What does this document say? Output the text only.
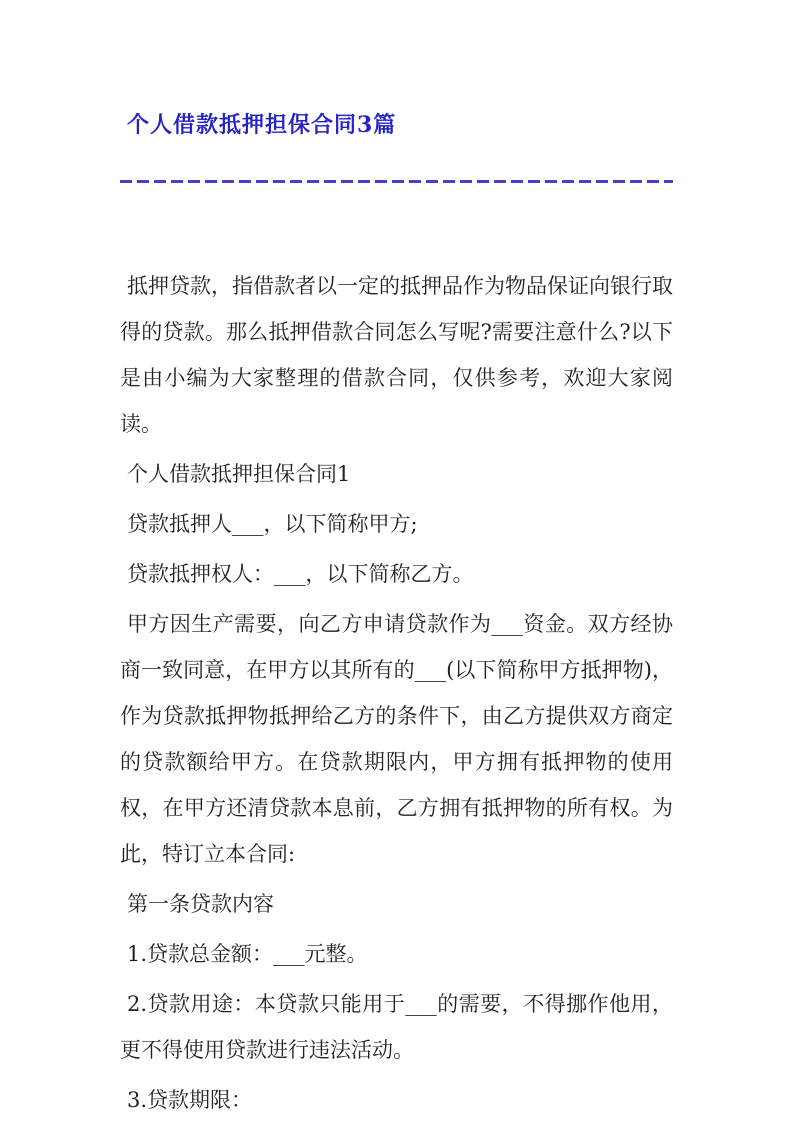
个人借款抵押担保合同3篇

抵押贷款，指借款者以一定的抵押品作为物品保证向银行取得的贷款。那么抵押借款合同怎么写呢?需要注意什么?以下是由小编为大家整理的借款合同，仅供参考，欢迎大家阅读。

个人借款抵押担保合同1

贷款抵押人___，以下简称甲方;

贷款抵押权人：___，以下简称乙方。

甲方因生产需要，向乙方申请贷款作为___资金。双方经协商一致同意，在甲方以其所有的___(以下简称甲方抵押物)，作为贷款抵押物抵押给乙方的条件下，由乙方提供双方商定的贷款额给甲方。在贷款期限内，甲方拥有抵押物的使用权，在甲方还清贷款本息前，乙方拥有抵押物的所有权。为此，特订立本合同:

第一条贷款内容

1.贷款总金额：___元整。

2.贷款用途：本贷款只能用于___的需要，不得挪作他用，更不得使用贷款进行违法活动。

3.贷款期限：
